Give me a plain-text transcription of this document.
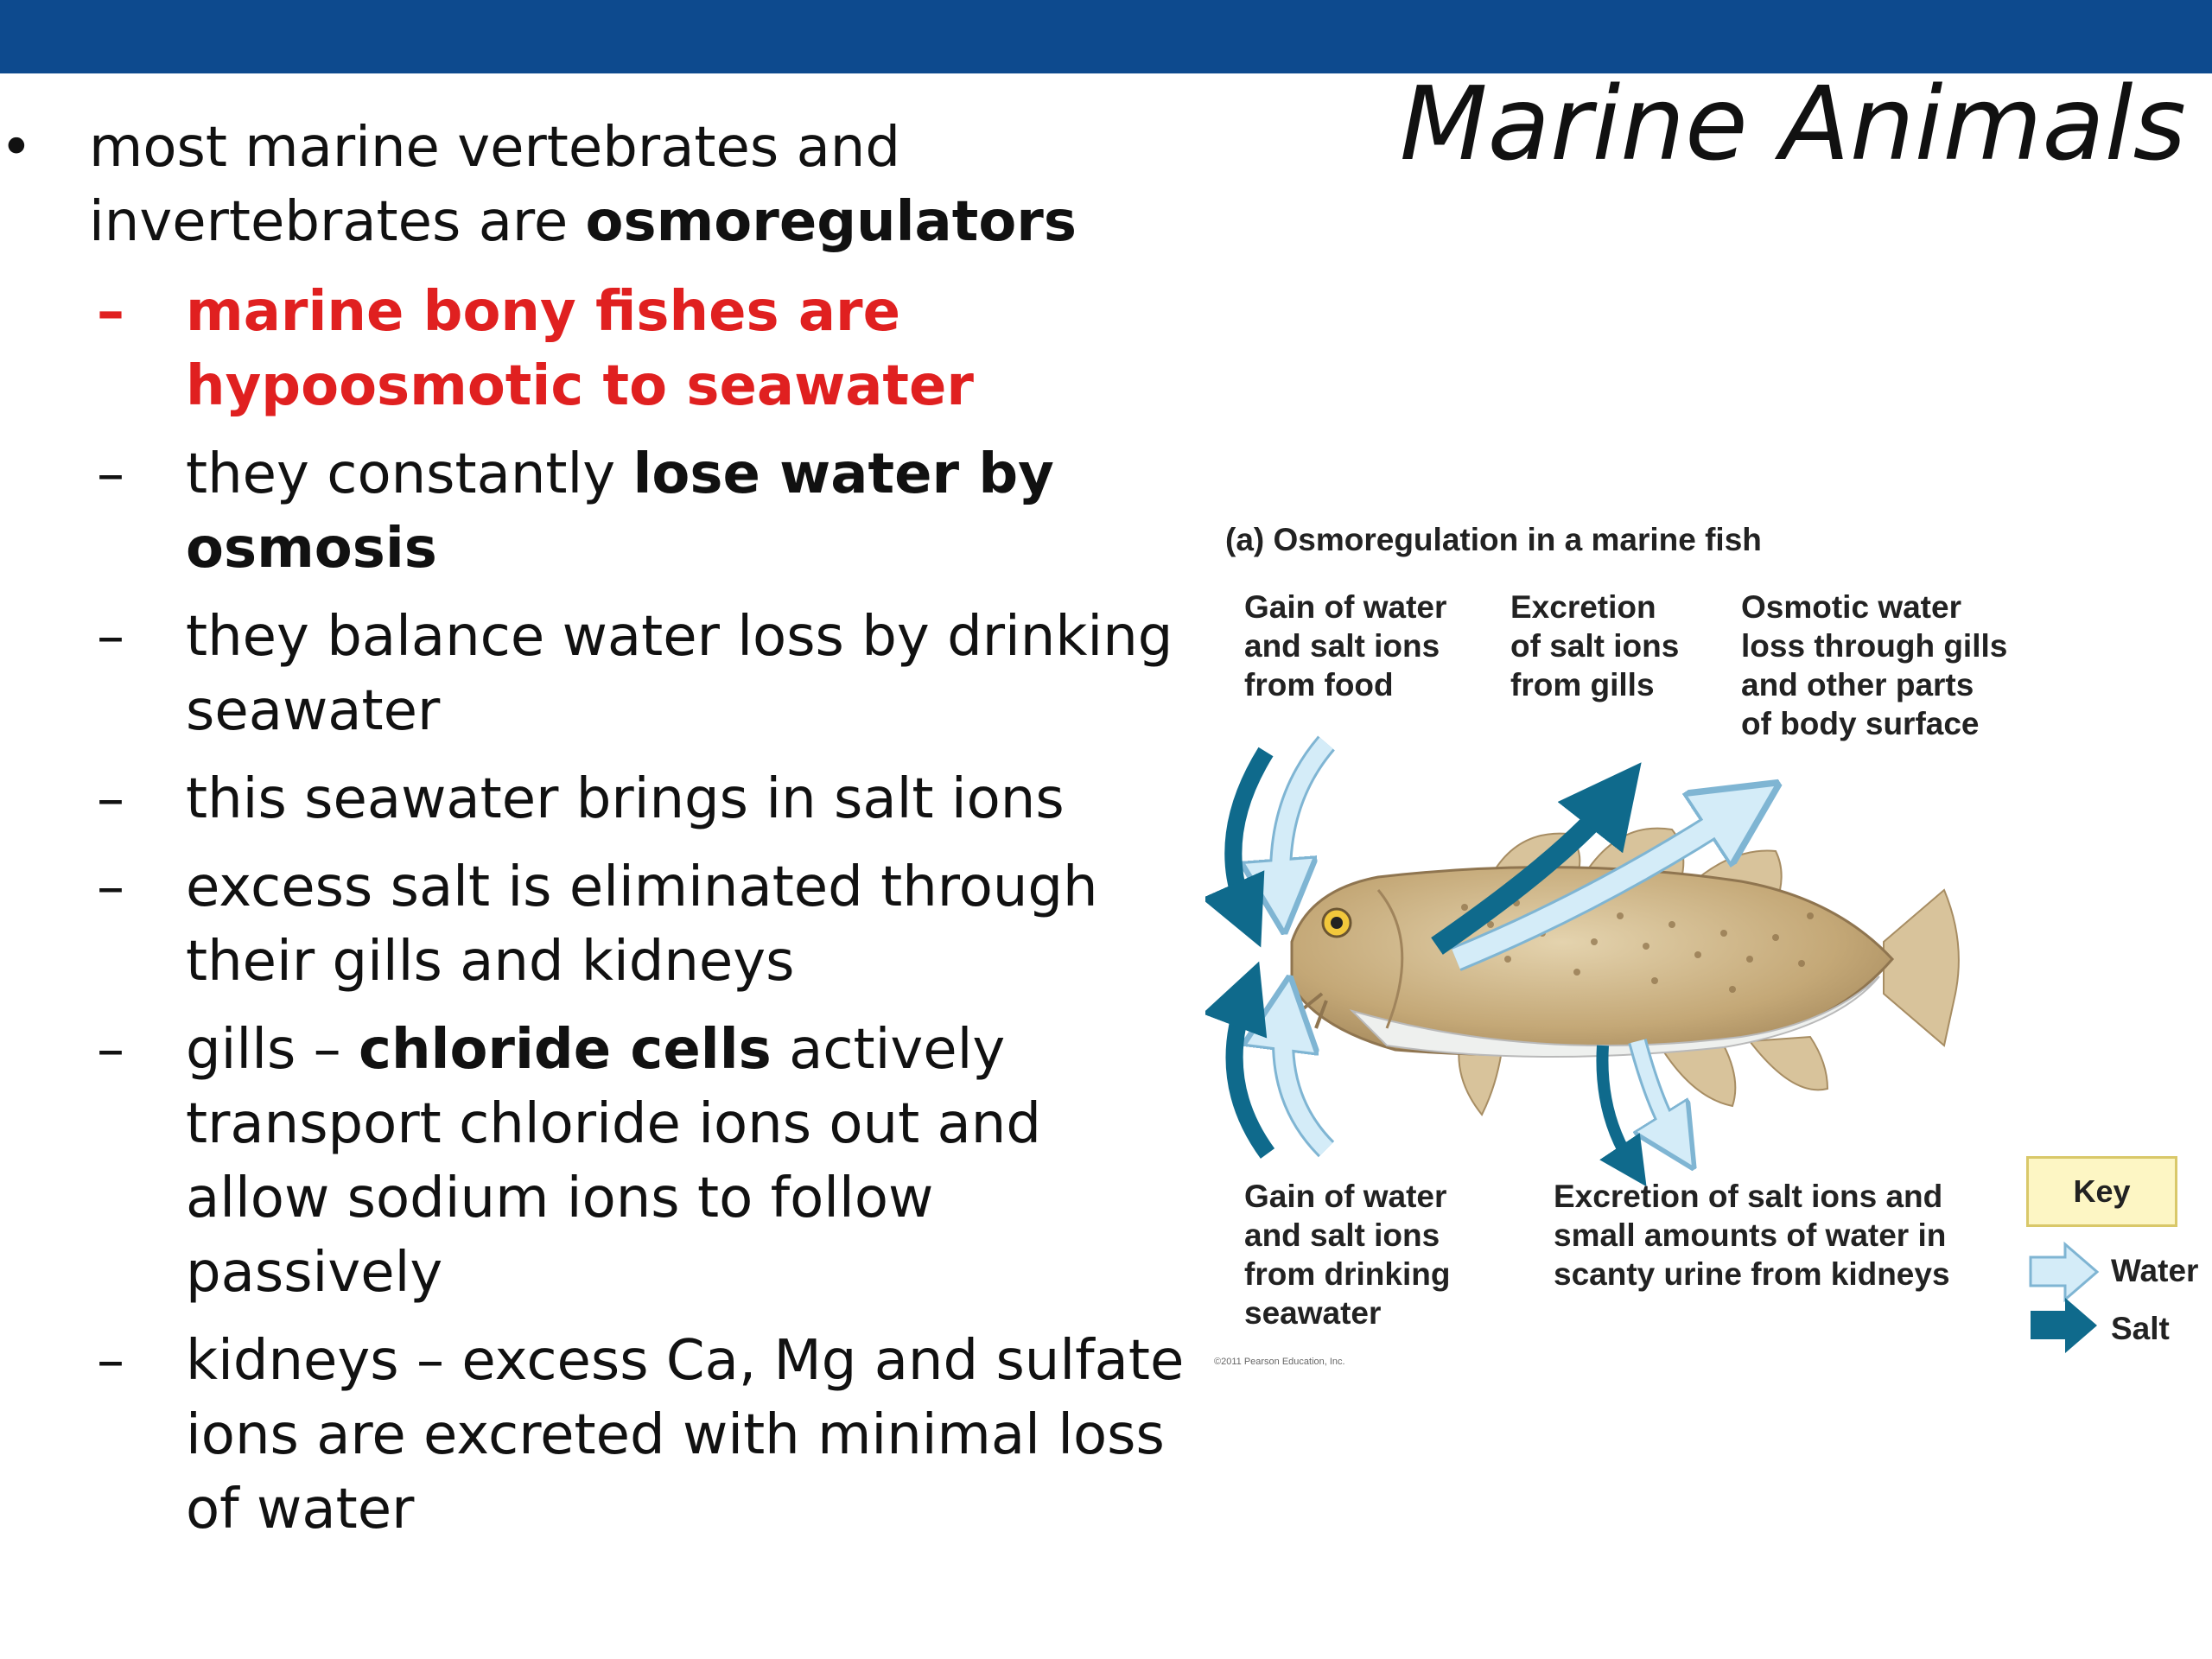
Marine Animals

• most marine vertebrates and invertebrates are osmoregulators

– marine bony fishes are hypoosmotic to seawater

– they constantly lose water by osmosis

– they balance water loss by drinking seawater

– this seawater brings in salt ions

– excess salt is eliminated through their gills and kidneys

– gills – chloride cells actively transport chloride ions out and allow sodium ions to follow passively

– kidneys – excess Ca, Mg and sulfate ions are excreted with minimal loss of water

(a) Osmoregulation in a marine fish
Gain of water
and salt ions
from food
Excretion
of salt ions
from gills
Osmotic water
loss through gills
and other parts
of body surface
Gain of water
and salt ions
from drinking
seawater
Excretion of salt ions and
small amounts of water in
scanty urine from kidneys
Key
Water
Salt
©2011 Pearson Education, Inc.
